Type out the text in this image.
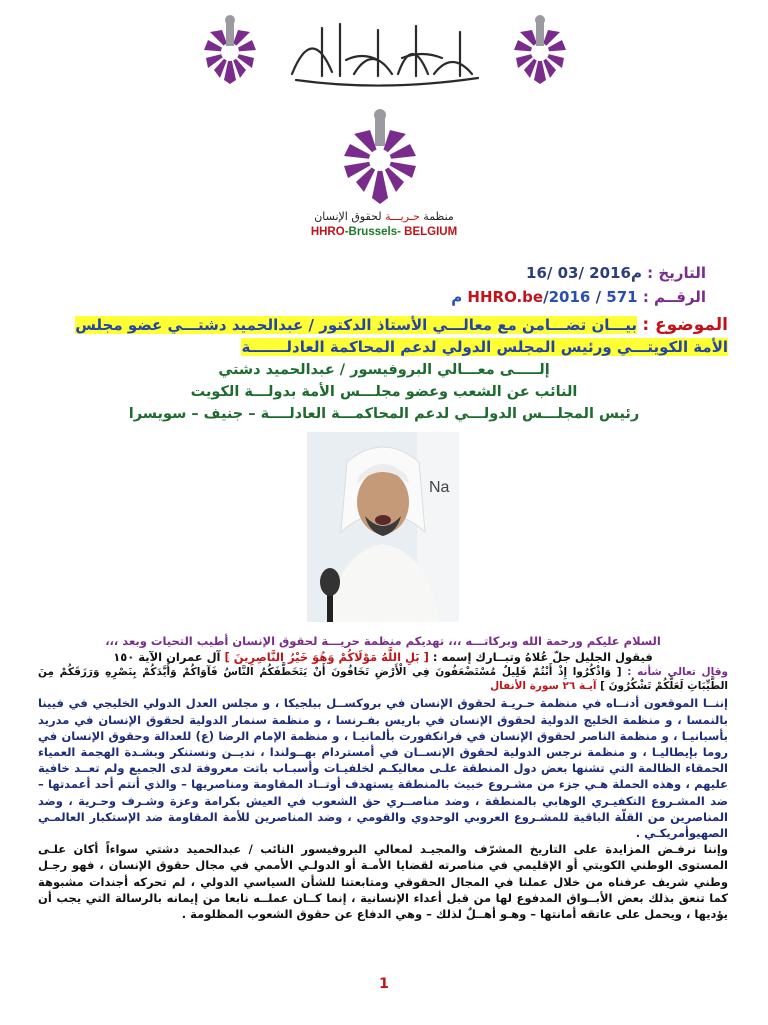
منظمة حـريـــة لحقوق الإنسان
HHRO-Brussels- BELGIUM
التاريخ : 16/ 03/ 2016م
الرقــم : 571 / HHRO.be/2016 م
الموضوع : بيـــان تضـــامن مع معالـــي الأستاذ الدكتور / عبدالحميد دشتـــي عضو مجلس
الأمة الكويتـــي ورئيس المجلس الدولي لدعم المحاكمة العادلـــــــة
إلـــــى معـــالي البروفيسور / عبدالحميد دشتي
النائب عن الشعب وعضو مجلـــس الأمة بدولـــة الكويت
رئيس المجلـــس الدولـــي لدعم المحاكمـــة العادلــــة – جنيف – سويسرا
Na

السلام عليكم ورحمة الله وبركاتـــه ،،، تهديكم منظمة حريـــة لحقوق الإنسان أطيب التحيات وبعد ،،،

فيقول الجليل جلّ عُلاهُ وتبــارك إسمه : [ بَلِ اللَّهُ مَوْلَاكُمْ وَهُوَ خَيْرُ النَّاصِرِينَ ] آل عمران الآية ١٥٠

وقال تعالى شأنه : [ وَاذْكُرُوا إِذْ أَنْتُمْ قَلِيلٌ مُسْتَضْعَفُونَ فِي الْأَرْضِ تَخَافُونَ أَنْ يَتَخَطَّفَكُمُ النَّاسُ فَآوَاكُمْ وَأَيَّدَكُمْ بِنَصْرِهِ وَرَزَقَكُمْ مِنَ الطَّيِّبَاتِ لَعَلَّكُمْ تَشْكُرُونَ ] آيـة ٢٦ سورة الأنفال

إننــا الموقعون أدنــاه في منظمة حـريـة لحقوق الإنسان في بروكســل ببلجيكا ، و مجلس العدل الدولي الخليجي في فيينا بالنمسا ، و منظمة الخليج الدولية لحقوق الإنسان في باريس بفـرنسا ، و منظمة سنمار الدولية لحقوق الإنسان في مدريد بأسبانيـا ، و منظمة الناصر لحقوق الإنسان في فرانكفورت بألمانيـا ، و منظمة الإمام الرضا (ع) للعدالة وحقوق الإنسان في روما بإيطاليـا ، و منظمة نرجس الدولية لحقوق الإنســان في أمستردام بهــولندا ، نديــن ونستنكر وبشـدة الهجمة العمياء الحمقاء الظالمة التي تشنها بعض دول المنطقة علـى معاليكـم لخلفيـات وأسبـاب باتت معروفة لدى الجميع ولم تعــد خافية عليهم ، وهذه الحملة هـي جزء من مشـروع خبيث بالمنطقة يستهدف أوتــاد المقاومة ومناصريها – والذي أنتم أحد أعمدتها – ضد المشـروع التكفيـري الوهابي بالمنطقة ، وضد مناصــري حق الشعوب في العيش بكرامة وعزة وشـرف وحـرية ، وضد المناصرين من القلّة الباقية للمشـروع العروبي الوحدوي والقومي ، وضد المناصرين للأمة المقاومة ضد الإستكبار العالمـي الصهيوأمريكـي .

وإننا نرفـض المزايدة على التاريخ المشرّف والمجيـد لمعالي البروفيسور النائب / عبدالحميد دشتي سواءاً أكان علـى المستوى الوطني الكويتي أو الإقليمي في مناصرته لقضايا الأمـة أو الدولـي الأممي في مجال حقوق الإنسان ، فهو رجـل وطني شريف عرفناه من خلال عملنا في المجال الحقوقي ومتابعتنا للشأن السياسي الدولي ، لم تحركه أجندات مشبوهة كما تنعق بذلك بعض الأبــواق المدفوع لها من قبل أعداء الإنسانية ، إنما كــان عملــه نابعا من إيمانه بالرسالة التي يجب أن يؤديها ، ويحمل على عاتقه أمانتها – وهـو أهــلٌ لذلك – وهي الدفاع عن حقوق الشعوب المظلومة .

1
